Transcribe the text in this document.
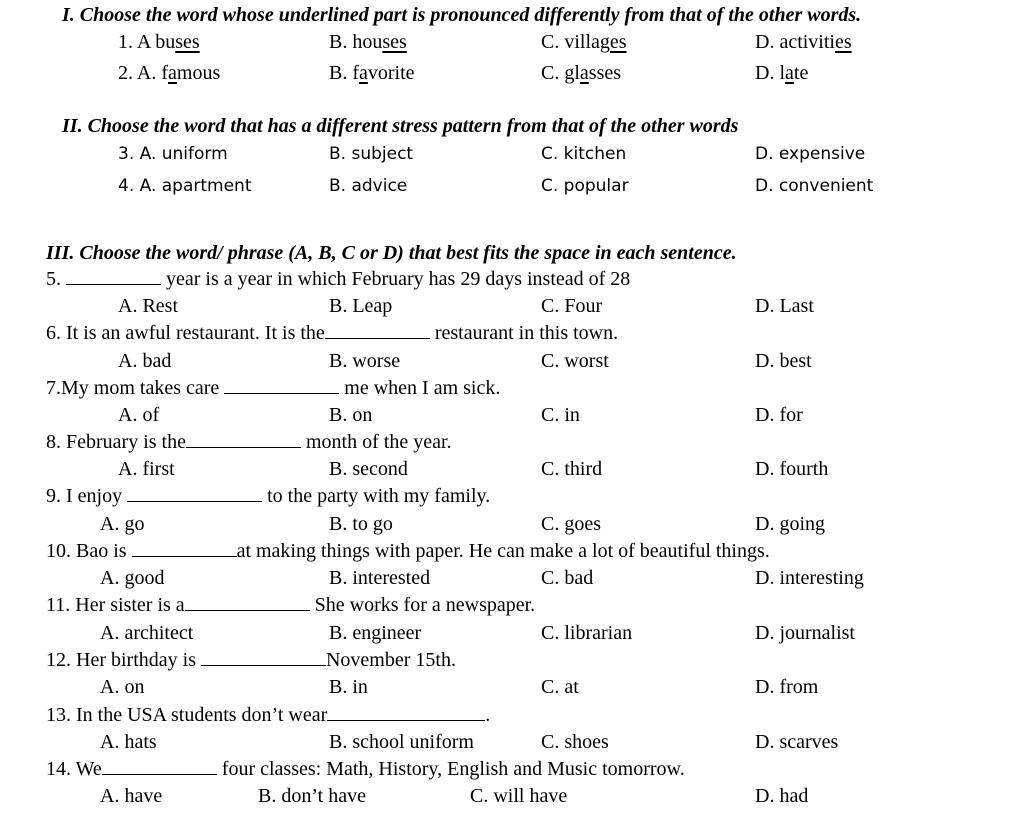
I. Choose the word whose underlined part is pronounced differently from that of the other words.
1. A buses	B. houses	C. villages	D. activities
2. A. famous	B. favorite	C. glasses	D. late
II. Choose the word that has a different stress pattern from that of the other words
3. A. uniform	B. subject	C. kitchen	D. expensive
4. A. apartment	B. advice	C. popular	D. convenient
III. Choose the word/ phrase (A, B, C or D) that best fits the space in each sentence.
5.	year is a year in which February has 29 days instead of 28
A. Rest	B. Leap	C. Four	D. Last
6. It is an awful restaurant. It is the	restaurant in this town.
A. bad	B. worse	C. worst	D. best
7.My mom takes care	me when I am sick.
A. of	B. on	C. in	D. for
8. February is the	month of the year.
A. first	B. second	C. third	D. fourth
9. I enjoy	to the party with my family.
A. go	B. to go	C. goes	D. going
10. Bao is	at making things with paper. He can make a lot of beautiful things.
A. good	B. interested	C. bad	D. interesting
11. Her sister is a	She works for a newspaper.
A. architect	B. engineer	C. librarian	D. journalist
12. Her birthday is	November 15th.
A. on	B. in	C. at	D. from
13. In the USA students don’t wear	.
A. hats	B. school uniform	C. shoes	D. scarves
14. We	four classes: Math, History, English and Music tomorrow.
A. have	B. don’t have	C. will have	D. had
